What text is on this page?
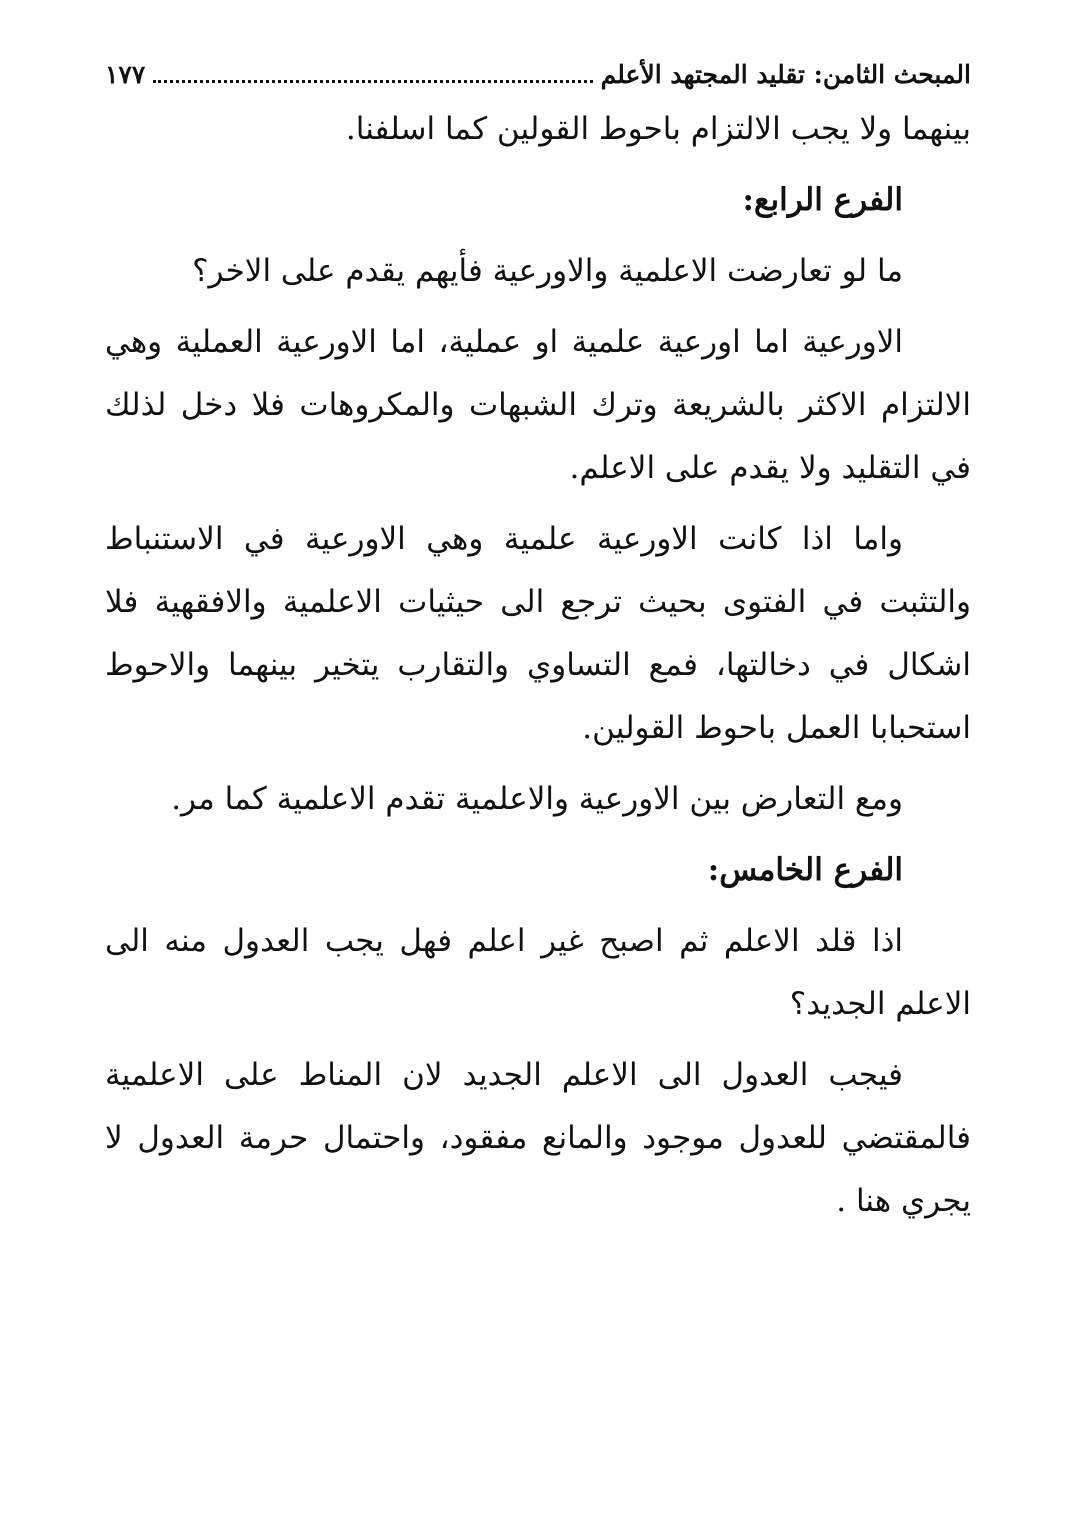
المبحث الثامن: تقليد المجتهد الأعلم
١٧٧

بينهما ولا يجب الالتزام باحوط القولين كما اسلفنا.

الفرع الرابع:

ما لو تعارضت الاعلمية والاورعية فأيهم يقدم على الاخر؟

الاورعية اما اورعية علمية او عملية، اما الاورعية العملية وهي الالتزام الاكثر بالشريعة وترك الشبهات والمكروهات فلا دخل لذلك في التقليد ولا يقدم على الاعلم.

واما اذا كانت الاورعية علمية وهي الاورعية في الاستنباط والتثبت في الفتوى بحيث ترجع الى حيثيات الاعلمية والافقهية فلا اشكال في دخالتها، فمع التساوي والتقارب يتخير بينهما والاحوط استحبابا العمل باحوط القولين.

ومع التعارض بين الاورعية والاعلمية تقدم الاعلمية كما مر.

الفرع الخامس:

اذا قلد الاعلم ثم اصبح غير اعلم فهل يجب العدول منه الى الاعلم الجديد؟

فيجب العدول الى الاعلم الجديد لان المناط على الاعلمية فالمقتضي للعدول موجود والمانع مفقود، واحتمال حرمة العدول لا يجري هنا .
